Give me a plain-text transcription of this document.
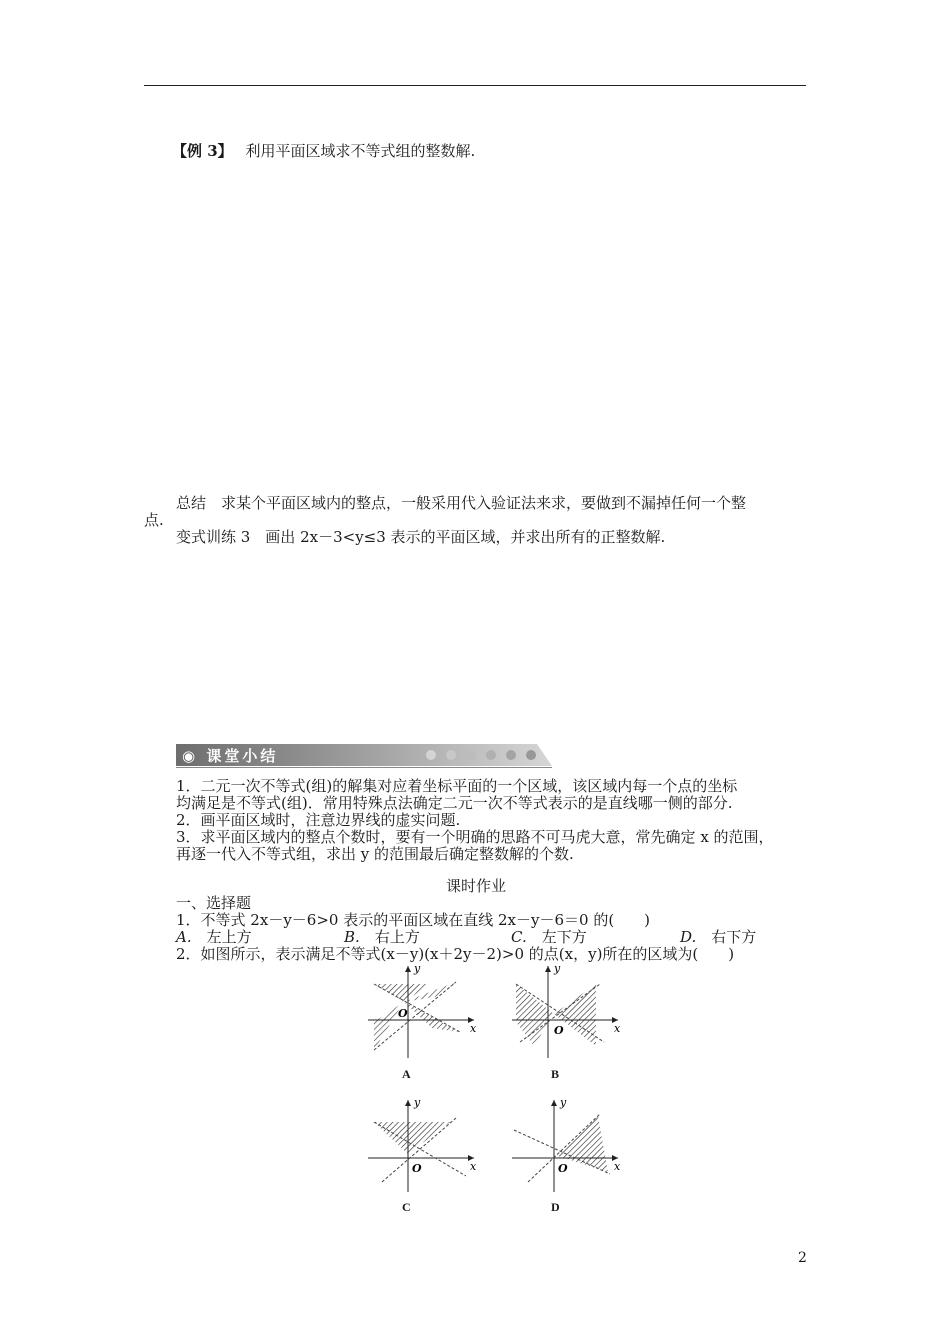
【例 3】 利用平面区域求不等式组的整数解.
总结　求某个平面区域内的整点，一般采用代入验证法来求，要做到不漏掉任何一个整
点.
变式训练 3　画出 2x－3<y≤3 表示的平面区域，并求出所有的正整数解.
◉ 课堂小结
1．二元一次不等式(组)的解集对应着坐标平面的一个区域，该区域内每一个点的坐标
均满足是不等式(组)．常用特殊点法确定二元一次不等式表示的是直线哪一侧的部分.
2．画平面区域时，注意边界线的虚实问题.
3．求平面区域内的整点个数时，要有一个明确的思路不可马虎大意，常先确定 x 的范围，
再逐一代入不等式组，求出 y 的范围最后确定整数解的个数.
课时作业
一、选择题
1．不等式 2x－y－6>0 表示的平面区域在直线 2x－y－6＝0 的(　　)
A.　 左上方	B.　 右上方	C.　 左下方	D.　 右下方
2．如图所示，表示满足不等式(x－y)(x＋2y－2)>0 的点(x，y)所在的区域为(　　)
O
x
y
A
O	x
y
B
O	x
y
C
O	x
y
D
2
